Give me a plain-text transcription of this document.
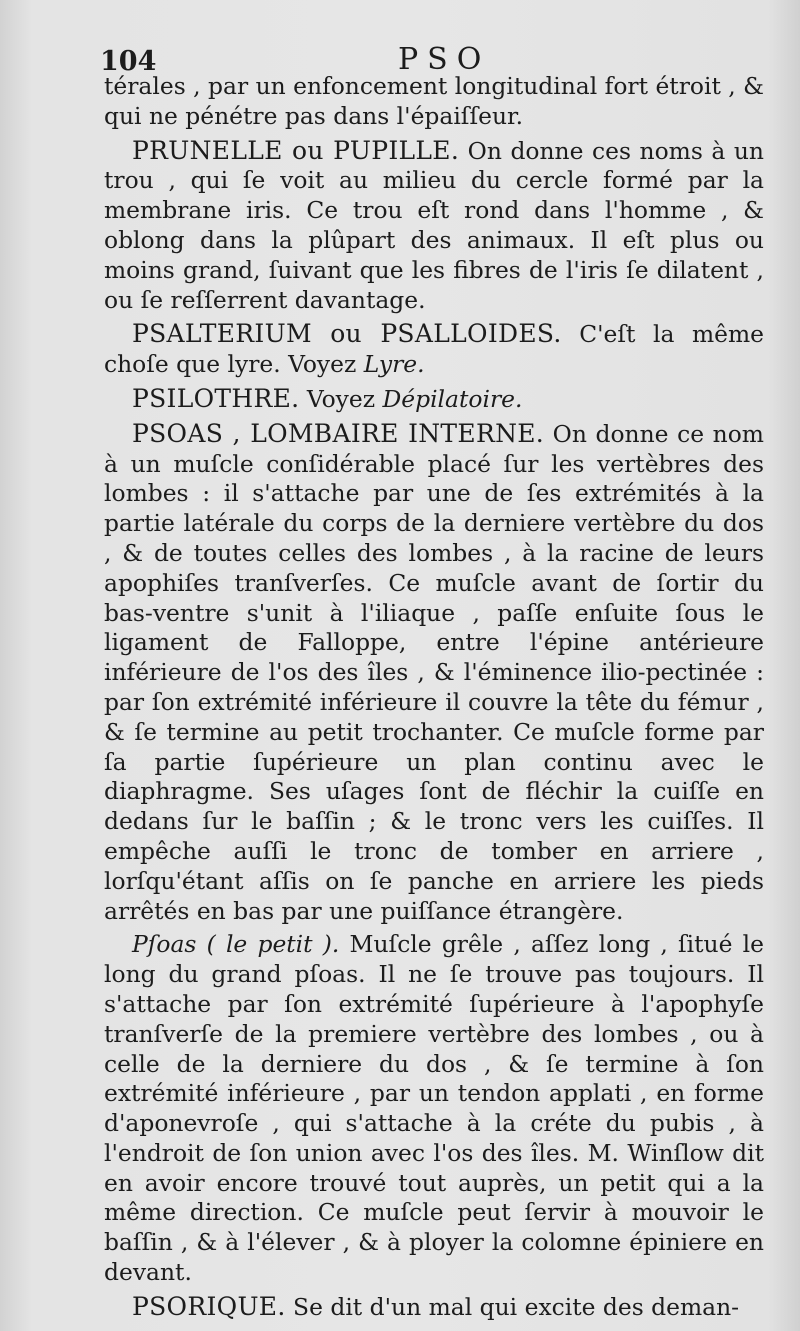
104	PSO

térales , par un enfoncement longitudinal fort étroit , & qui ne pénétre pas dans l'épaiſſeur.

PRUNELLE ou PUPILLE. On donne ces noms à un trou , qui ſe voit au milieu du cercle formé par la membrane iris. Ce trou eſt rond dans l'homme , & oblong dans la plûpart des animaux. Il eſt plus ou moins grand, ſuivant que les fibres de l'iris ſe dilatent , ou ſe reſſerrent davantage.

PSALTERIUM ou PSALLOIDES. C'eſt la même choſe que lyre. Voyez Lyre.

PSILOTHRE. Voyez Dépilatoire.

PSOAS , LOMBAIRE INTERNE. On donne ce nom à un muſcle conſidérable placé ſur les vertèbres des lombes : il s'attache par une de ſes extrémités à la partie latérale du corps de la derniere vertèbre du dos , & de toutes celles des lombes , à la racine de leurs apophiſes tranſverſes. Ce muſcle avant de ſortir du bas-ventre s'unit à l'iliaque , paſſe enſuite ſous le ligament de Falloppe, entre l'épine antérieure inférieure de l'os des îles , & l'éminence ilio-pectinée : par ſon extrémité inférieure il couvre la tête du fémur , & ſe termine au petit trochanter. Ce muſcle forme par ſa partie ſupérieure un plan continu avec le diaphragme. Ses uſages ſont de fléchir la cuiſſe en dedans ſur le baſſin ; & le tronc vers les cuiſſes. Il empêche auſſi le tronc de tomber en arriere , lorſqu'étant aſſis on ſe panche en arriere les pieds arrêtés en bas par une puiſſance étrangère.

Pſoas ( le petit ). Muſcle grêle , aſſez long , ſitué le long du grand pſoas. Il ne ſe trouve pas toujours. Il s'attache par ſon extrémité ſupérieure à l'apophyſe tranſverſe de la premiere vertèbre des lombes , ou à celle de la derniere du dos , & ſe termine à ſon extrémité inférieure , par un tendon applati , en forme d'aponevroſe , qui s'attache à la créte du pubis , à l'endroit de ſon union avec l'os des îles. M. Winſlow dit en avoir encore trouvé tout auprès, un petit qui a la même direction. Ce muſcle peut ſervir à mouvoir le baſſin , & à l'élever , & à ployer la colomne épiniere en devant.

PSORIQUE. Se dit d'un mal qui excite des deman-
